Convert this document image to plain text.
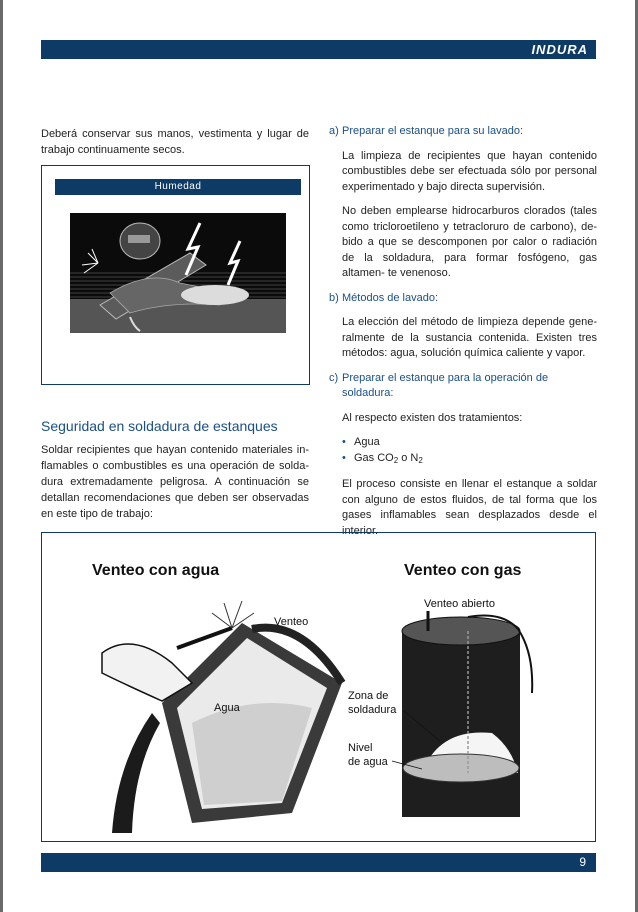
INDURA

Deberá conservar sus manos, vestimenta y lugar de trabajo continuamente secos.

Humedad
Seguridad en soldadura de estanques

Soldar recipientes que hayan contenido materiales in- flamables o combustibles es una operación de solda- dura extremadamente peligrosa. A continuación se detallan recomendaciones que deben ser observadas en este tipo de trabajo:

a) Preparar el estanque para su lavado:

La limpieza de recipientes que hayan contenido combustibles debe ser efectuada sólo por personal experimentado y bajo directa supervisión.

No deben emplearse hidrocarburos clorados (tales como tricloroetileno y tetracloruro de carbono), de- bido a que se descomponen por calor o radiación de la soldadura, para formar fosfógeno, gas altamen- te venenoso.

b) Métodos de lavado:

La elección del método de limpieza depende gene- ralmente de la sustancia contenida. Existen tres métodos: agua, solución química caliente y vapor.

c) Preparar el estanque para la operación de soldadura:

Al respecto existen dos tratamientos:

• Agua
• Gas $CO_2$ o $N_2$

El proceso consiste en llenar el estanque a soldar con alguno de estos fluidos, de tal forma que los gases inflamables sean desplazados desde el interior.

Venteo con agua	Venteo con gas
Venteo
Agua
Venteo abierto
Zona de
soldadura
Nivel
de agua
9
